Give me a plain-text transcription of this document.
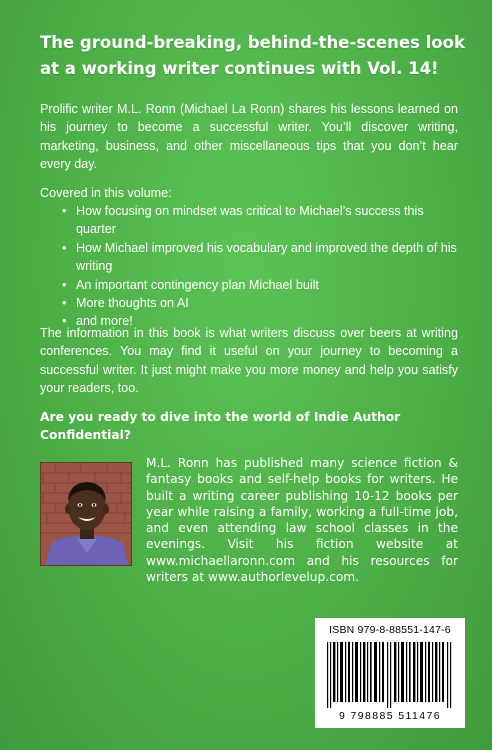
The ground-breaking, behind-the-scenes look at a working writer continues with Vol. 14!

Prolific writer M.L. Ronn (Michael La Ronn) shares his lessons learned on his journey to become a successful writer. You’ll discover writing, marketing, business, and other miscellaneous tips that you don’t hear every day.

Covered in this volume:

• How focusing on mindset was critical to Michael’s success this quarter
• How Michael improved his vocabulary and improved the depth of his writing
• An important contingency plan Michael built
• More thoughts on AI
• and more!

The information in this book is what writers discuss over beers at writing conferences. You may find it useful on your journey to becoming a successful writer. It just might make you more money and help you satisfy your readers, too.

Are you ready to dive into the world of Indie Author Confidential?

M.L. Ronn has published many science fiction & fantasy books and self-help books for writers. He built a writing career publishing 10-12 books per year while raising a family, working a full-time job, and even attending law school classes in the evenings. Visit his fiction website at www.michaellaronn.com and his resources for writers at www.authorlevelup.com.

ISBN 979-8-88551-147-6
9 798885 511476
